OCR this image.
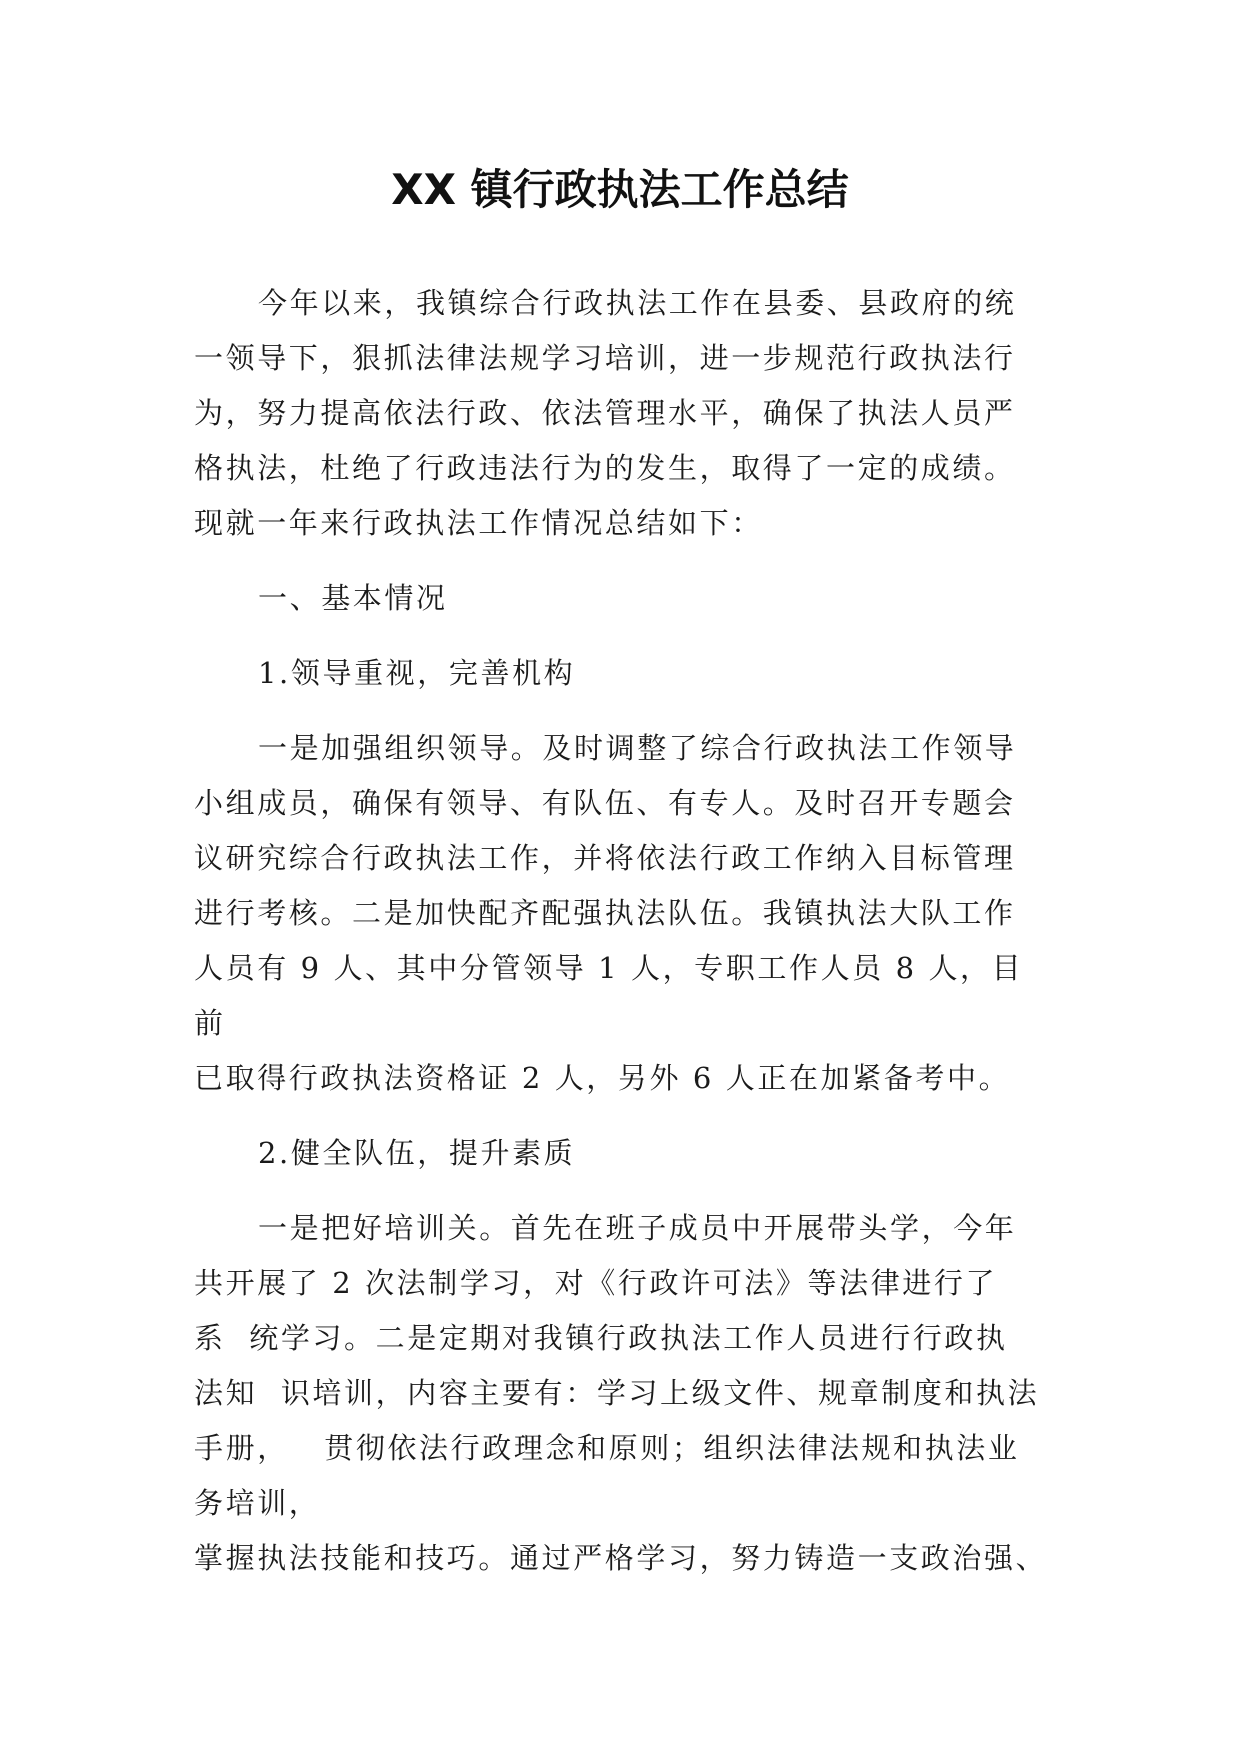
XX 镇行政执法工作总结
今年以来，我镇综合行政执法工作在县委、县政府的统
一领导下，狠抓法律法规学习培训，进一步规范行政执法行
为，努力提高依法行政、依法管理水平，确保了执法人员严
格执法，杜绝了行政违法行为的发生，取得了一定的成绩。
现就一年来行政执法工作情况总结如下：
一、基本情况
1.领导重视，完善机构
一是加强组织领导。及时调整了综合行政执法工作领导
小组成员，确保有领导、有队伍、有专人。及时召开专题会
议研究综合行政执法工作，并将依法行政工作纳入目标管理
进行考核。二是加快配齐配强执法队伍。我镇执法大队工作
人员有 9 人、其中分管领导 1 人，专职工作人员 8 人，目
前
已取得行政执法资格证 2 人，另外 6 人正在加紧备考中。
2.健全队伍，提升素质
一是把好培训关。首先在班子成员中开展带头学，今年
共开展了 2 次法制学习，对《行政许可法》等法律进行了
系  统学习。二是定期对我镇行政执法工作人员进行行政执
法知  识培训，内容主要有：学习上级文件、规章制度和执法
手册，   贯彻依法行政理念和原则；组织法律法规和执法业
务培训，
掌握执法技能和技巧。通过严格学习，努力铸造一支政治强、
